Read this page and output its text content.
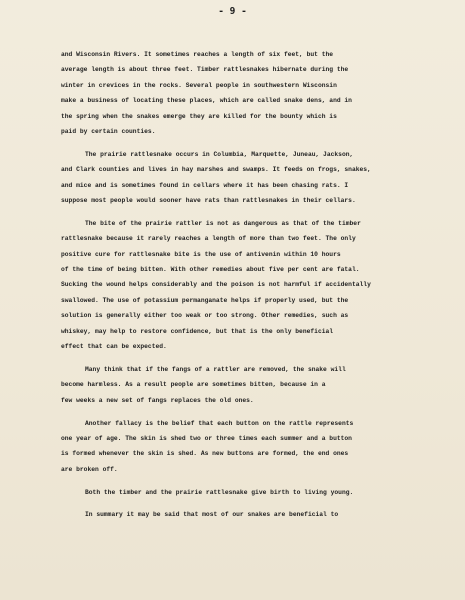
- 9 -
and Wisconsin Rivers. It sometimes reaches a length of six feet, but the
average length is about three feet. Timber rattlesnakes hibernate during the
winter in crevices in the rocks. Several people in southwestern Wisconsin
make a business of locating these places, which are called snake dens, and in
the spring when the snakes emerge they are killed for the bounty which is
paid by certain counties.
The prairie rattlesnake occurs in Columbia, Marquette, Juneau, Jackson,
and Clark counties and lives in hay marshes and swamps. It feeds on frogs, snakes,
and mice and is sometimes found in cellars where it has been chasing rats. I
suppose most people would sooner have rats than rattlesnakes in their cellars.
The bite of the prairie rattler is not as dangerous as that of the timber
rattlesnake because it rarely reaches a length of more than two feet. The only
positive cure for rattlesnake bite is the use of antivenin within 10 hours
of the time of being bitten. With other remedies about five per cent are fatal.
Sucking the wound helps considerably and the poison is not harmful if accidentally
swallowed. The use of potassium permanganate helps if properly used, but the
solution is generally either too weak or too strong. Other remedies, such as
whiskey, may help to restore confidence, but that is the only beneficial
effect that can be expected.
Many think that if the fangs of a rattler are removed, the snake will
become harmless. As a result people are sometimes bitten, because in a
few weeks a new set of fangs replaces the old ones.
Another fallacy is the belief that each button on the rattle represents
one year of age. The skin is shed two or three times each summer and a button
is formed whenever the skin is shed. As new buttons are formed, the end ones
are broken off.
Both the timber and the prairie rattlesnake give birth to living young.
In summary it may be said that most of our snakes are beneficial to
